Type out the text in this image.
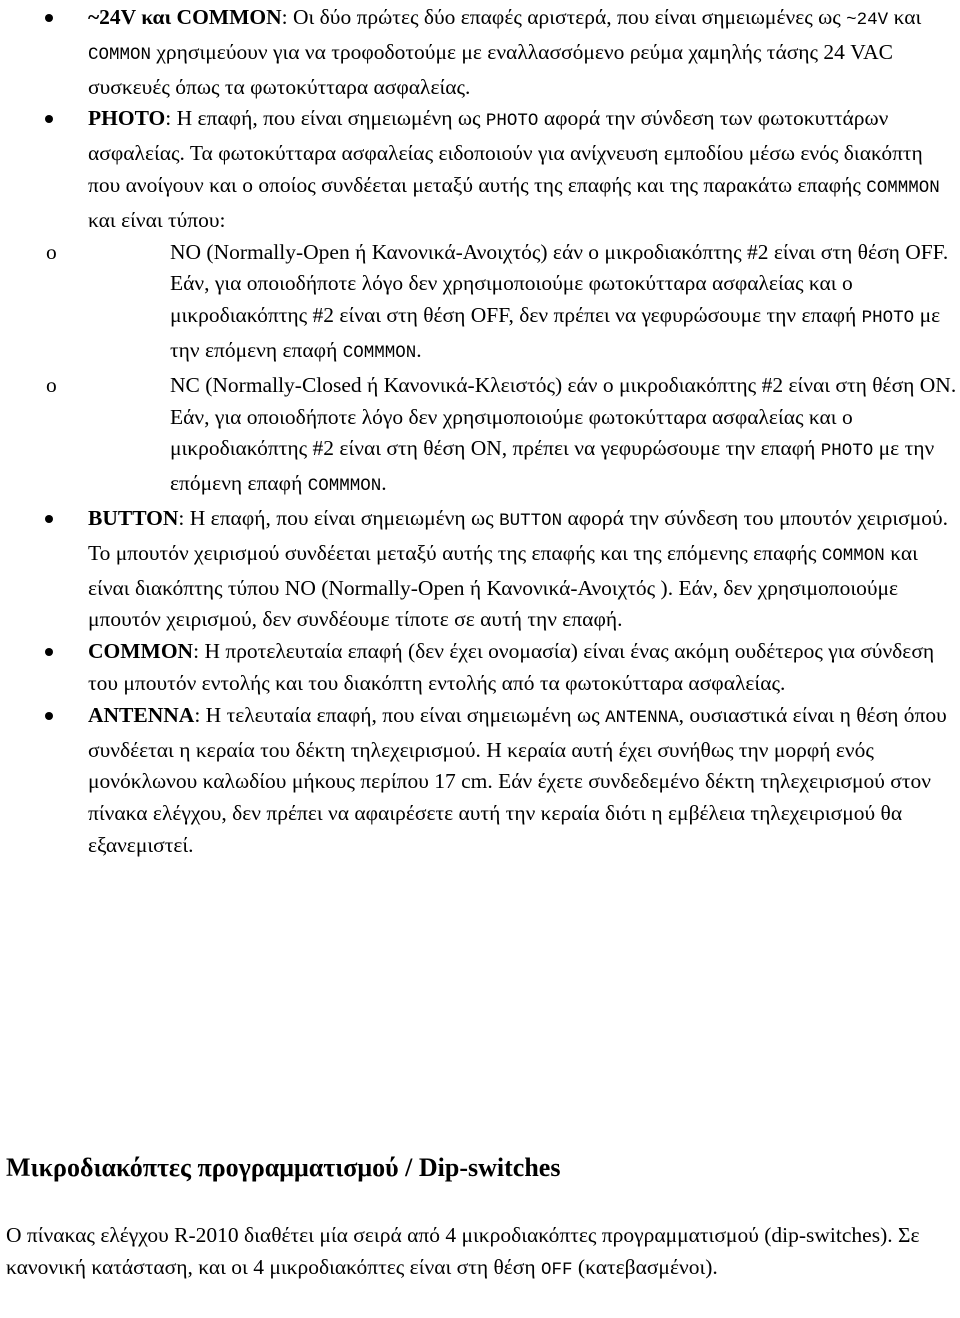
~24V και COMMON: Οι δύο πρώτες δύο επαφές αριστερά, που είναι σημειωμένες ως ~24V και COMMON χρησιμεύουν για να τροφοδοτούμε με εναλλασσόμενο ρεύμα χαμηλής τάσης 24 VAC συσκευές όπως τα φωτοκύτταρα ασφαλείας.
PHOTO: Η επαφή, που είναι σημειωμένη ως PHOTO αφορά την σύνδεση των φωτοκυττάρων ασφαλείας. Τα φωτοκύτταρα ασφαλείας ειδοποιούν για ανίχνευση εμποδίου μέσω ενός διακόπτη που ανοίγουν και ο οποίος συνδέεται μεταξύ αυτής της επαφής και της παρακάτω επαφής COMMMON και είναι τύπου:
o	NO (Normally-Open ή Κανονικά-Ανοιχτός) εάν ο μικροδιακόπτης #2 είναι στη θέση OFF.
Εάν, για οποιοδήποτε λόγο δεν χρησιμοποιούμε φωτοκύτταρα ασφαλείας και ο μικροδιακόπτης #2 είναι στη θέση OFF, δεν πρέπει να γεφυρώσουμε την επαφή PHOTO με την επόμενη επαφή COMMMON.
o	NC (Normally-Closed ή Κανονικά-Κλειστός) εάν ο μικροδιακόπτης #2 είναι στη θέση ON.
Εάν, για οποιοδήποτε λόγο δεν χρησιμοποιούμε φωτοκύτταρα ασφαλείας και ο μικροδιακόπτης #2 είναι στη θέση ON, πρέπει να γεφυρώσουμε την επαφή PHOTO με την επόμενη επαφή COMMMON.
BUTTON: Η επαφή, που είναι σημειωμένη ως BUTTON αφορά την σύνδεση του μπουτόν χειρισμού. Το μπουτόν χειρισμού συνδέεται μεταξύ αυτής της επαφής και της επόμενης επαφής COMMON και είναι διακόπτης τύπου NO (Normally-Open ή Κανονικά-Ανοιχτός ). Εάν, δεν χρησιμοποιούμε μπουτόν χειρισμού, δεν συνδέουμε τίποτε σε αυτή την επαφή.
COMMON: Η προτελευταία επαφή (δεν έχει ονομασία) είναι ένας ακόμη ουδέτερος για σύνδεση του μπουτόν εντολής και του διακόπτη εντολής από τα φωτοκύτταρα ασφαλείας.
ANTENNA: Η τελευταία επαφή, που είναι σημειωμένη ως ANTENNA, ουσιαστικά είναι η θέση όπου συνδέεται η κεραία του δέκτη τηλεχειρισμού. Η κεραία αυτή έχει συνήθως την μορφή ενός μονόκλωνου καλωδίου μήκους περίπου 17 cm. Εάν έχετε συνδεδεμένο δέκτη τηλεχειρισμού στον πίνακα ελέγχου, δεν πρέπει να αφαιρέσετε αυτή την κεραία διότι η εμβέλεια τηλεχειρισμού θα εξανεμιστεί.
Μικροδιακόπτες προγραμματισμού / Dip-switches

Ο πίνακας ελέγχου R-2010 διαθέτει μία σειρά από 4 μικροδιακόπτες προγραμματισμού (dip-switches). Σε κανονική κατάσταση, και οι 4 μικροδιακόπτες είναι στη θέση OFF (κατεβασμένοι).
